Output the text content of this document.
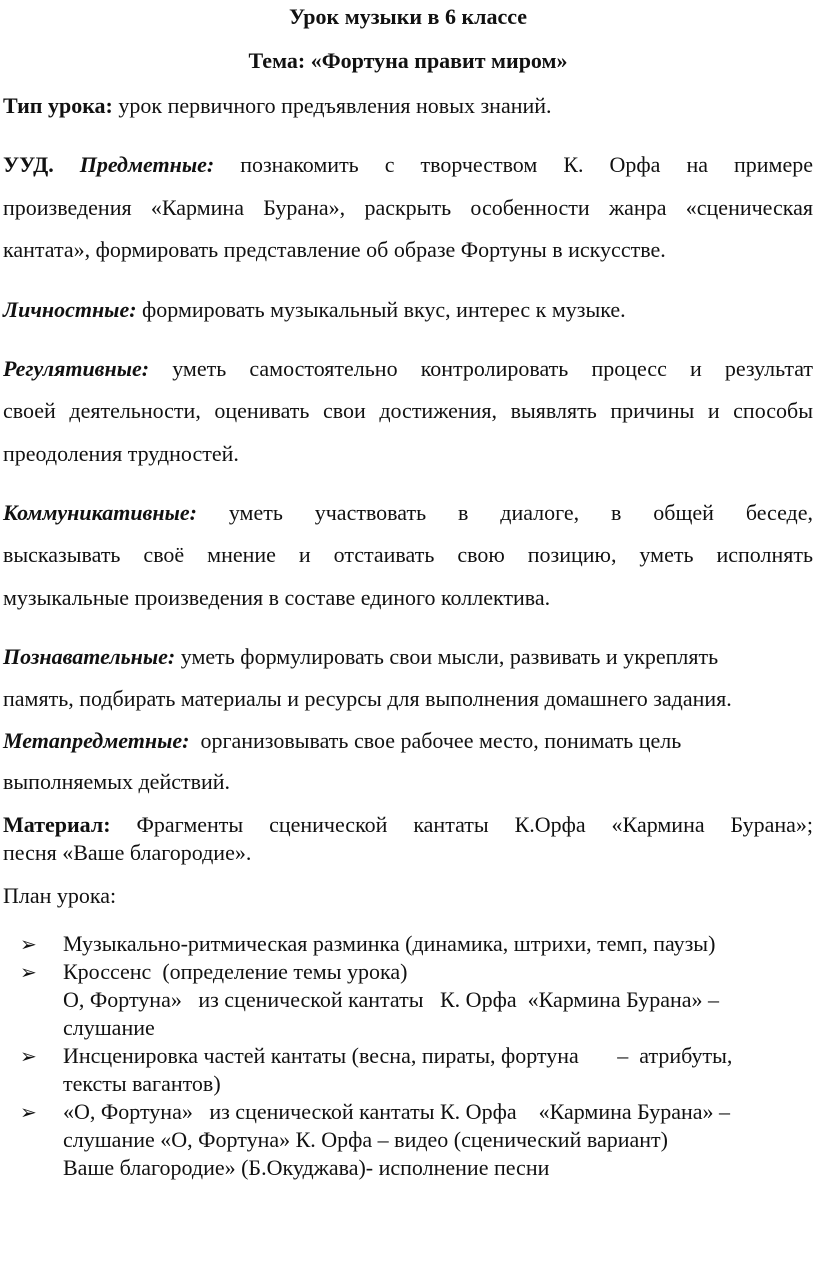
Урок музыки в 6 классе
Тема: «Фортуна правит миром»
Тип урока: урок первичного предъявления новых знаний.
УУД. Предметные: познакомить с творчеством К. Орфа на примере
произведения «Кармина Бурана», раскрыть особенности жанра «сценическая
кантата», формировать представление об образе Фортуны в искусстве.
Личностные: формировать музыкальный вкус, интерес к музыке.
Регулятивные: уметь самостоятельно контролировать процесс и результат
своей деятельности, оценивать свои достижения, выявлять причины и способы
преодоления трудностей.
Коммуникативные: уметь участвовать в диалоге, в общей беседе,
высказывать своё мнение и отстаивать свою позицию, уметь исполнять
музыкальные произведения в составе единого коллектива.
Познавательные: уметь формулировать свои мысли, развивать и укреплять
память, подбирать материалы и ресурсы для выполнения домашнего задания.
Метапредметные:  организовывать свое рабочее место, понимать цель
выполняемых действий.
Материал: Фрагменты сценической кантаты К.Орфа «Кармина Бурана»;
песня «Ваше благородие».
План урока:
➢ Музыкально-ритмическая разминка (динамика, штрихи, темп, паузы)
➢ Кроссенс  (определение темы урока)
О, Фортуна»   из сценической кантаты   К. Орфа  «Кармина Бурана» –
слушание
➢ Инсценировка частей кантаты (весна, пираты, фортуна       –  атрибуты,
тексты вагантов)
➢ «О, Фортуна»   из сценической кантаты К. Орфа    «Кармина Бурана» –
слушание «О, Фортуна» К. Орфа – видео (сценический вариант)
Ваше благородие» (Б.Окуджава)- исполнение песни
